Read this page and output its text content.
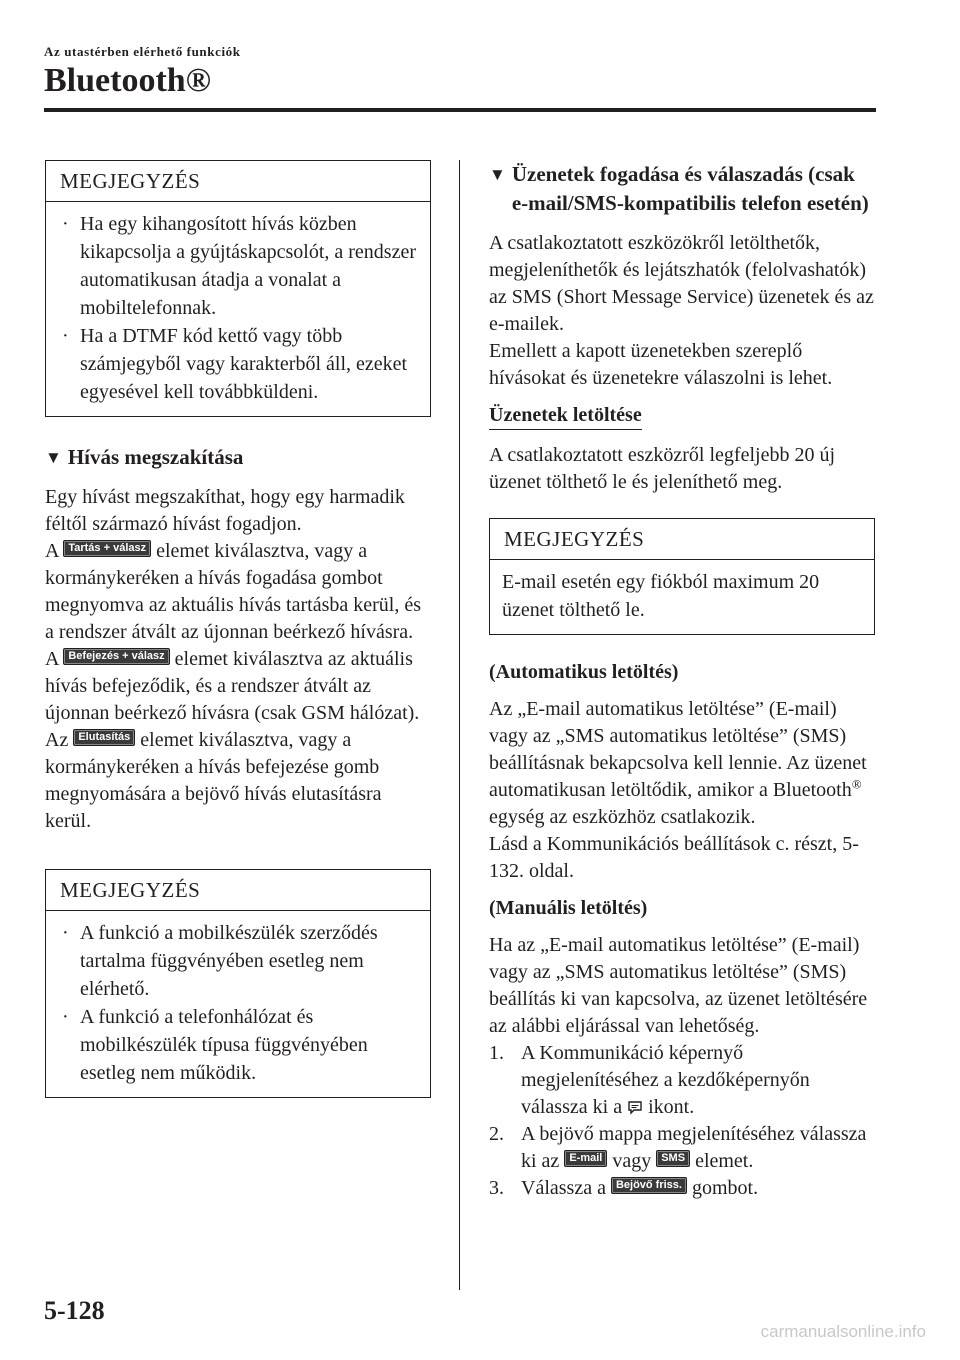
Az utastérben elérhető funkciók
Bluetooth®
MEGJEGYZÉS
· Ha egy kihangosított hívás közben kikapcsolja a gyújtáskapcsolót, a rendszer automatikusan átadja a vonalat a mobiltelefonnak.
· Ha a DTMF kód kettő vagy több számjegyből vagy karakterből áll, ezeket egyesével kell továbbküldeni.
▼ Hívás megszakítása

Egy hívást megszakíthat, hogy egy harmadik féltől származó hívást fogadjon.

A Tartás + válasz elemet kiválasztva, vagy a kormánykeréken a hívás fogadása gombot megnyomva az aktuális hívás tartásba kerül, és a rendszer átvált az újonnan beérkező hívásra.

A Befejezés + válasz elemet kiválasztva az aktuális hívás befejeződik, és a rendszer átvált az újonnan beérkező hívásra (csak GSM hálózat).

Az Elutasítás elemet kiválasztva, vagy a kormánykeréken a hívás befejezése gomb megnyomására a bejövő hívás elutasításra kerül.

MEGJEGYZÉS
· A funkció a mobilkészülék szerződés tartalma függvényében esetleg nem elérhető.
· A funkció a telefonhálózat és mobilkészülék típusa függvényében esetleg nem működik.
▼ Üzenetek fogadása és válaszadás (csak e-mail/SMS-kompatibilis telefon esetén)

A csatlakoztatott eszközökről letölthetők, megjeleníthetők és lejátszhatók (felolvashatók) az SMS (Short Message Service) üzenetek és az e-mailek.

Emellett a kapott üzenetekben szereplő hívásokat és üzenetekre válaszolni is lehet.

Üzenetek letöltése

A csatlakoztatott eszközről legfeljebb 20 új üzenet tölthető le és jeleníthető meg.

MEGJEGYZÉS
E-mail esetén egy fiókból maximum 20 üzenet tölthető le.
(Automatikus letöltés)

Az „E-mail automatikus letöltése” (E-mail) vagy az „SMS automatikus letöltése” (SMS) beállításnak bekapcsolva kell lennie. Az üzenet automatikusan letöltődik, amikor a Bluetooth® egység az eszközhöz csatlakozik.

Lásd a Kommunikációs beállítások c. részt, 5-132. oldal.

(Manuális letöltés)

Ha az „E-mail automatikus letöltése” (E-mail) vagy az „SMS automatikus letöltése” (SMS) beállítás ki van kapcsolva, az üzenet letöltésére az alábbi eljárással van lehetőség.

1. A Kommunikáció képernyő megjelenítéséhez a kezdőképernyőn válassza ki a ikont.
2. A bejövő mappa megjelenítéséhez válassza ki az E-mail vagy SMS elemet.
3. Válassza a Bejövő friss. gombot.
5-128
carmanualsonline.info
